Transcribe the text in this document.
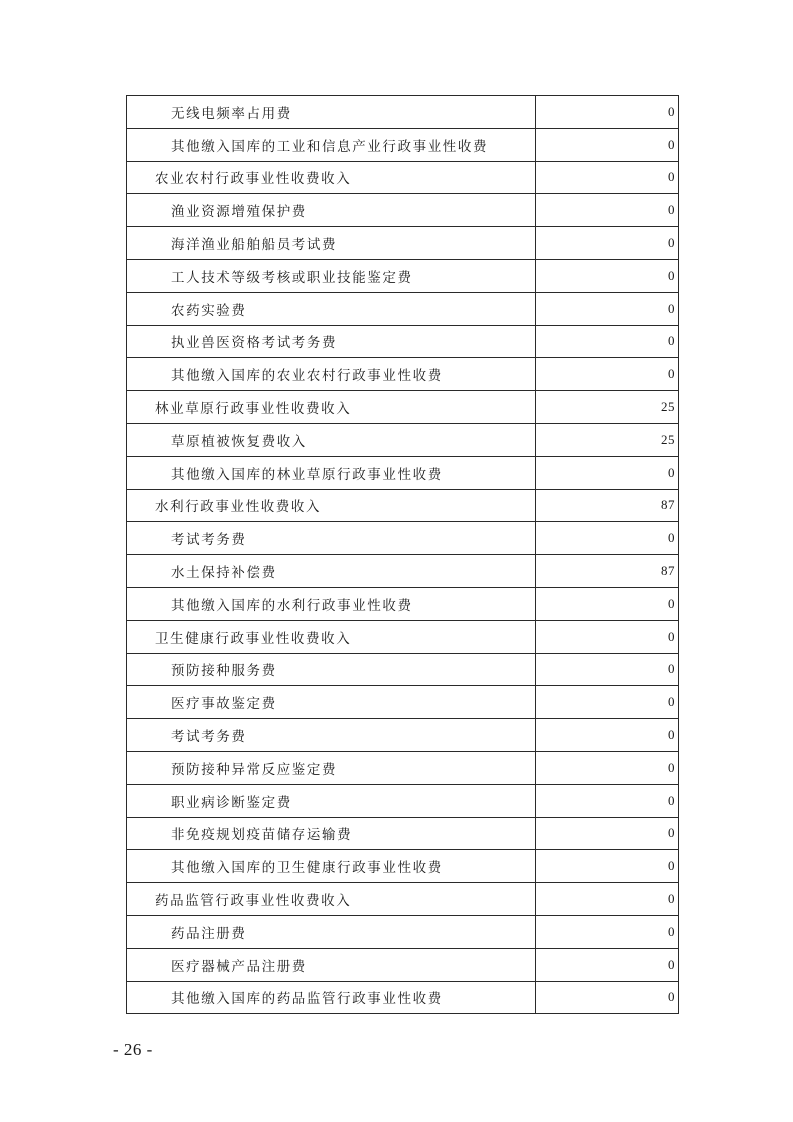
无线电频率占用费	0
其他缴入国库的工业和信息产业行政事业性收费	0
农业农村行政事业性收费收入	0
渔业资源增殖保护费	0
海洋渔业船舶船员考试费	0
工人技术等级考核或职业技能鉴定费	0
农药实验费	0
执业兽医资格考试考务费	0
其他缴入国库的农业农村行政事业性收费	0
林业草原行政事业性收费收入	25
草原植被恢复费收入	25
其他缴入国库的林业草原行政事业性收费	0
水利行政事业性收费收入	87
考试考务费	0
水土保持补偿费	87
其他缴入国库的水利行政事业性收费	0
卫生健康行政事业性收费收入	0
预防接种服务费	0
医疗事故鉴定费	0
考试考务费	0
预防接种异常反应鉴定费	0
职业病诊断鉴定费	0
非免疫规划疫苗储存运输费	0
其他缴入国库的卫生健康行政事业性收费	0
药品监管行政事业性收费收入	0
药品注册费	0
医疗器械产品注册费	0
其他缴入国库的药品监管行政事业性收费	0
- 26 -
